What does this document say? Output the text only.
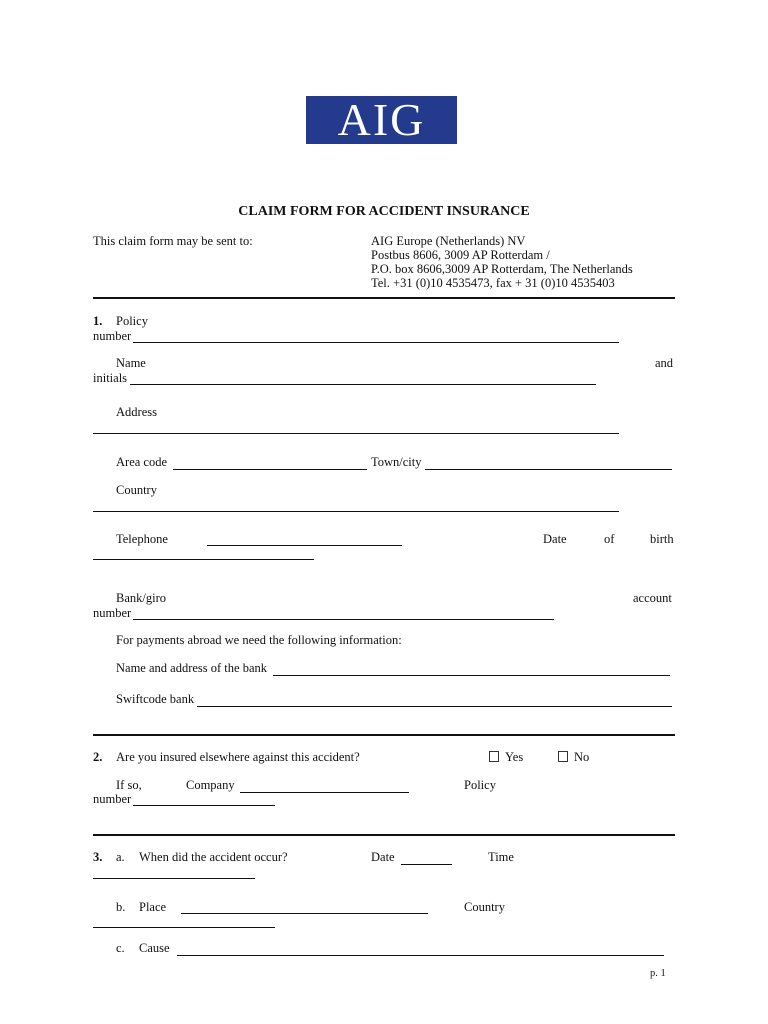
AIG
CLAIM FORM FOR ACCIDENT INSURANCE
This claim form may be sent to:	AIG Europe (Netherlands) NV
Postbus 8606, 3009 AP Rotterdam /
P.O. box 8606,3009 AP Rotterdam, The Netherlands
Tel. +31 (0)10 4535473, fax + 31 (0)10 4535403
1. Policy
number
Name	and
initials
Address
Area code	Town/city
Country
Telephone	Date	of	birth
Bank/giro	account
number
For payments abroad we need the following information:
Name and address of the bank
Swiftcode bank
2. Are you insured elsewhere against this accident?	Yes	No
If so,	Company	Policy
number
3. a. When did the accident occur?	Date	Time
b. Place	Country
c. Cause
p. 1
